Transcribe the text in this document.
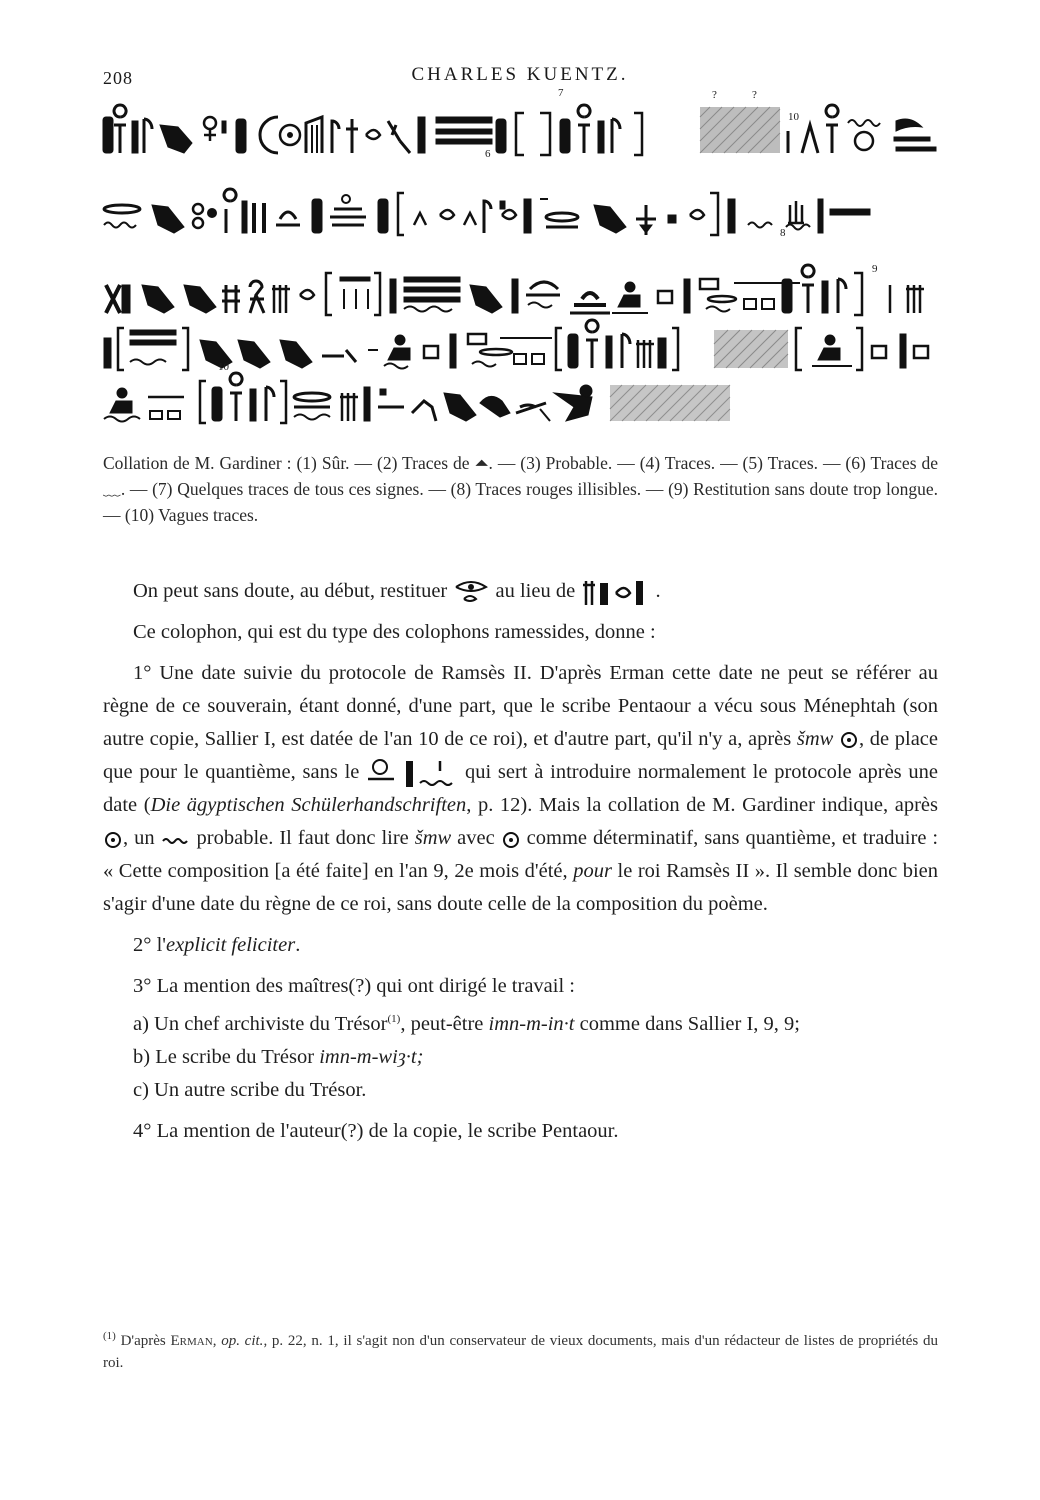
208	CHARLES KUENTZ.
7	?	?
10
6
8
9
10
Collation de M. Gardiner : (1) Sûr. — (2) Traces de ⏶. — (3) Probable. — (4) Traces. — (5) Traces. — (6) Traces de ﹏. — (7) Quelques traces de tous ces signes. — (8) Traces rouges illisibles. — (9) Restitution sans doute trop longue. — (10) Vagues traces.

On peut sans doute, au début, restituer au lieu de	.

Ce colophon, qui est du type des colophons ramessides, donne :

1° Une date suivie du protocole de Ramsès II. D'après Erman cette date ne peut se référer au règne de ce souverain, étant donné, d'une part, que le scribe Pentaour a vécu sous Ménephtah (son autre copie, Sallier I, est datée de l'an 10 de ce roi), et d'autre part, qu'il n'y a, après šmw , de place que pour le quantième, sans le	qui sert à introduire normalement le protocole après une date (Die ägyptischen Schülerhandschriften, p. 12). Mais la collation de M. Gardiner indique, après , un probable. Il faut donc lire šmw avec comme déterminatif, sans quantième, et traduire : « Cette composition [a été faite] en l'an 9, 2e mois d'été, pour le roi Ramsès II ». Il semble donc bien s'agir d'une date du règne de ce roi, sans doute celle de la composition du poème.

2° l'explicit feliciter.

3° La mention des maîtres(?) qui ont dirigé le travail :

a) Un chef archiviste du Trésor$^{(1)}$, peut-être imn-m-in·t comme dans Sallier I, 9, 9;

b) Le scribe du Trésor imn-m-wiȝ·t;

c) Un autre scribe du Trésor.

4° La mention de l'auteur(?) de la copie, le scribe Pentaour.

$^{(1)}$ D'après Erman, op. cit., p. 22, n. 1, il s'agit non d'un conservateur de vieux documents, mais d'un rédacteur de listes de propriétés du roi.
